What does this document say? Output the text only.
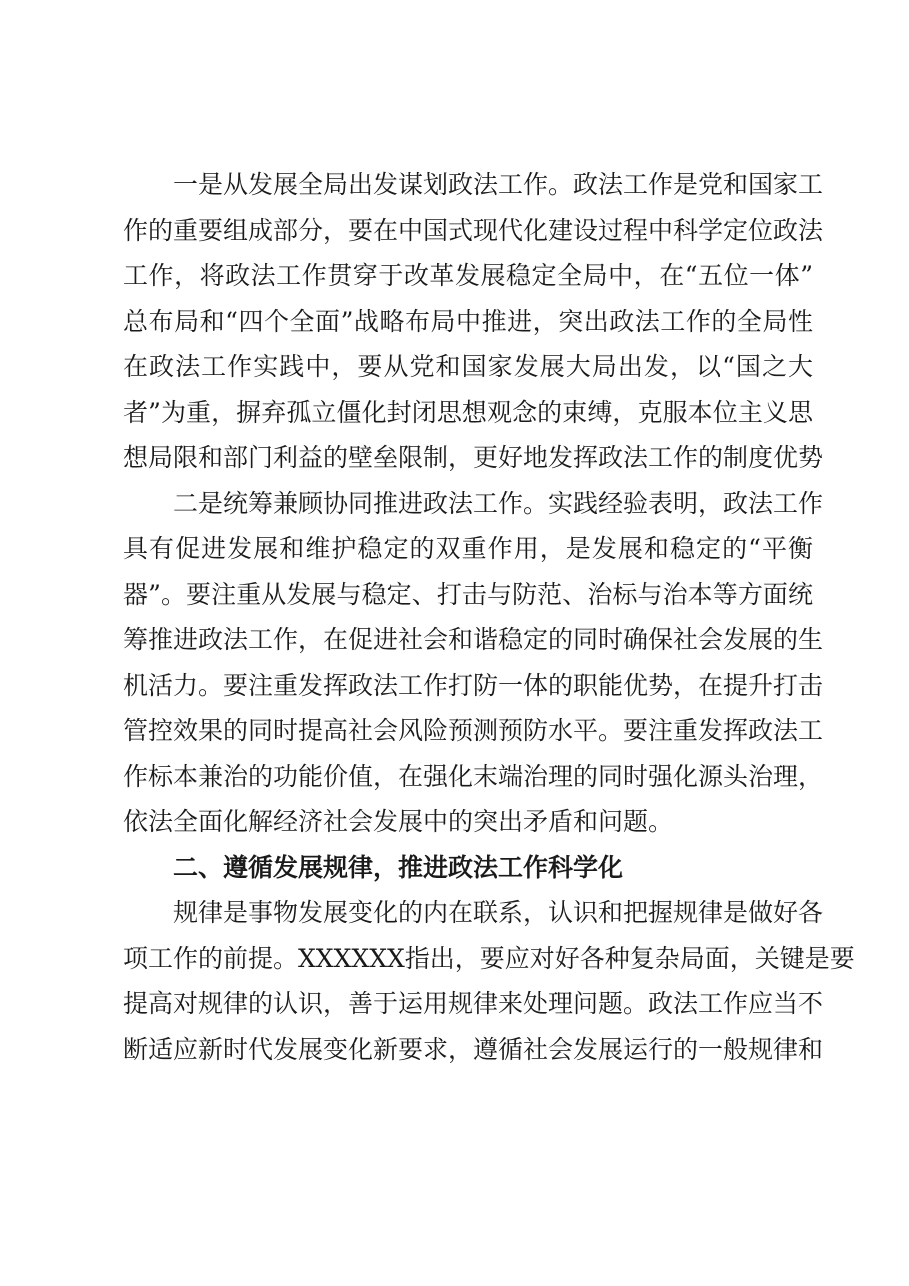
一是从发展全局出发谋划政法工作。政法工作是党和国家工
作的重要组成部分，要在中国式现代化建设过程中科学定位政法
工作，将政法工作贯穿于改革发展稳定全局中，在“五位一体”
总布局和“四个全面”战略布局中推进，突出政法工作的全局性
在政法工作实践中，要从党和国家发展大局出发，以“国之大
者”为重，摒弃孤立僵化封闭思想观念的束缚，克服本位主义思
想局限和部门利益的壁垒限制，更好地发挥政法工作的制度优势
二是统筹兼顾协同推进政法工作。实践经验表明，政法工作
具有促进发展和维护稳定的双重作用，是发展和稳定的“平衡
器”。要注重从发展与稳定、打击与防范、治标与治本等方面统
筹推进政法工作，在促进社会和谐稳定的同时确保社会发展的生
机活力。要注重发挥政法工作打防一体的职能优势，在提升打击
管控效果的同时提高社会风险预测预防水平。要注重发挥政法工
作标本兼治的功能价值，在强化末端治理的同时强化源头治理，
依法全面化解经济社会发展中的突出矛盾和问题。
二、遵循发展规律，推进政法工作科学化
规律是事物发展变化的内在联系，认识和把握规律是做好各
项工作的前提。XXXXXX指出，要应对好各种复杂局面，关键是要
提高对规律的认识，善于运用规律来处理问题。政法工作应当不
断适应新时代发展变化新要求，遵循社会发展运行的一般规律和
